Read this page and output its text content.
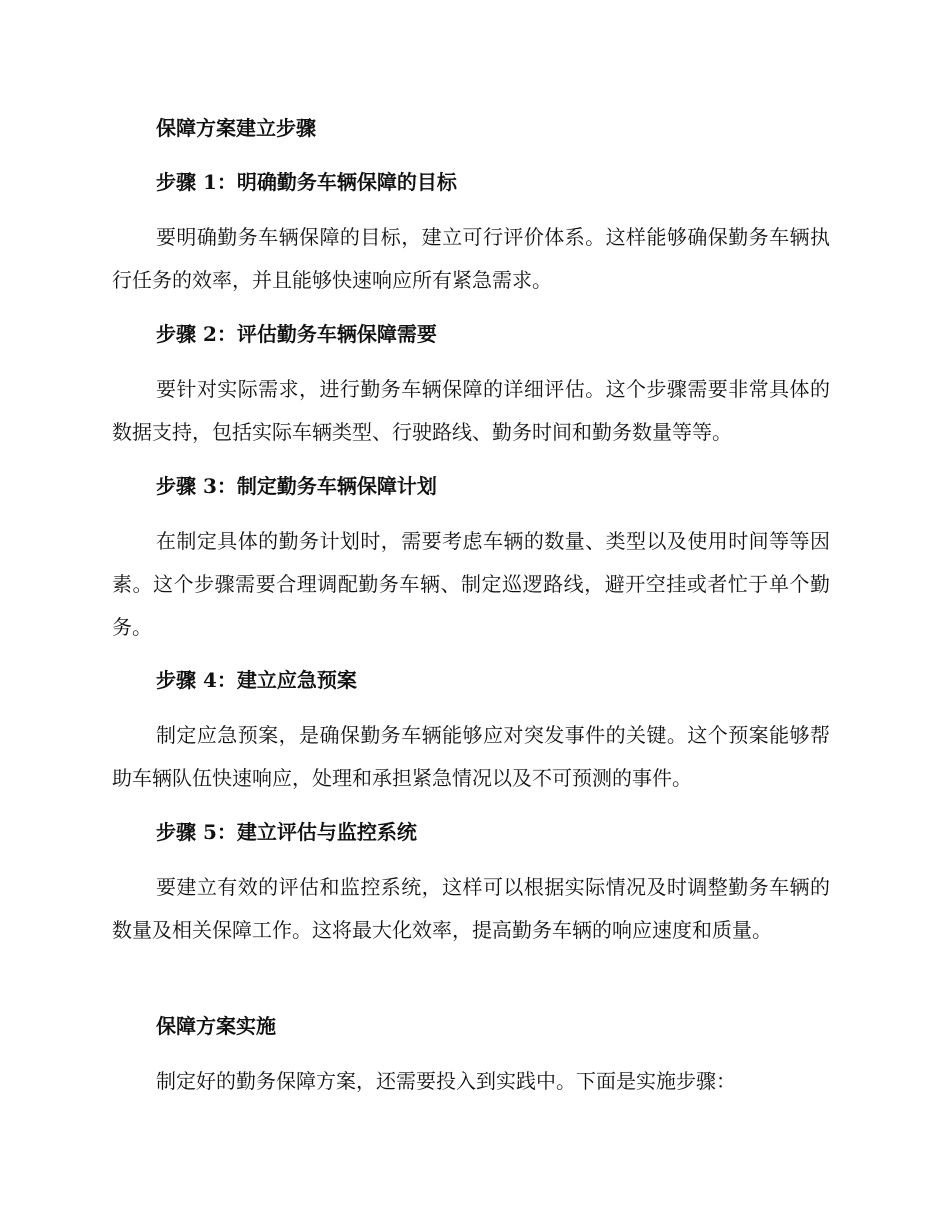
保障方案建立步骤
步骤 1：明确勤务车辆保障的目标
要明确勤务车辆保障的目标，建立可行评价体系。这样能够确保勤务车辆执行任务的效率，并且能够快速响应所有紧急需求。
步骤 2：评估勤务车辆保障需要
要针对实际需求，进行勤务车辆保障的详细评估。这个步骤需要非常具体的数据支持，包括实际车辆类型、行驶路线、勤务时间和勤务数量等等。
步骤 3：制定勤务车辆保障计划
在制定具体的勤务计划时，需要考虑车辆的数量、类型以及使用时间等等因素。这个步骤需要合理调配勤务车辆、制定巡逻路线，避开空挂或者忙于单个勤务。
步骤 4：建立应急预案
制定应急预案，是确保勤务车辆能够应对突发事件的关键。这个预案能够帮助车辆队伍快速响应，处理和承担紧急情况以及不可预测的事件。
步骤 5：建立评估与监控系统
要建立有效的评估和监控系统，这样可以根据实际情况及时调整勤务车辆的数量及相关保障工作。这将最大化效率，提高勤务车辆的响应速度和质量。
保障方案实施
制定好的勤务保障方案，还需要投入到实践中。下面是实施步骤：
